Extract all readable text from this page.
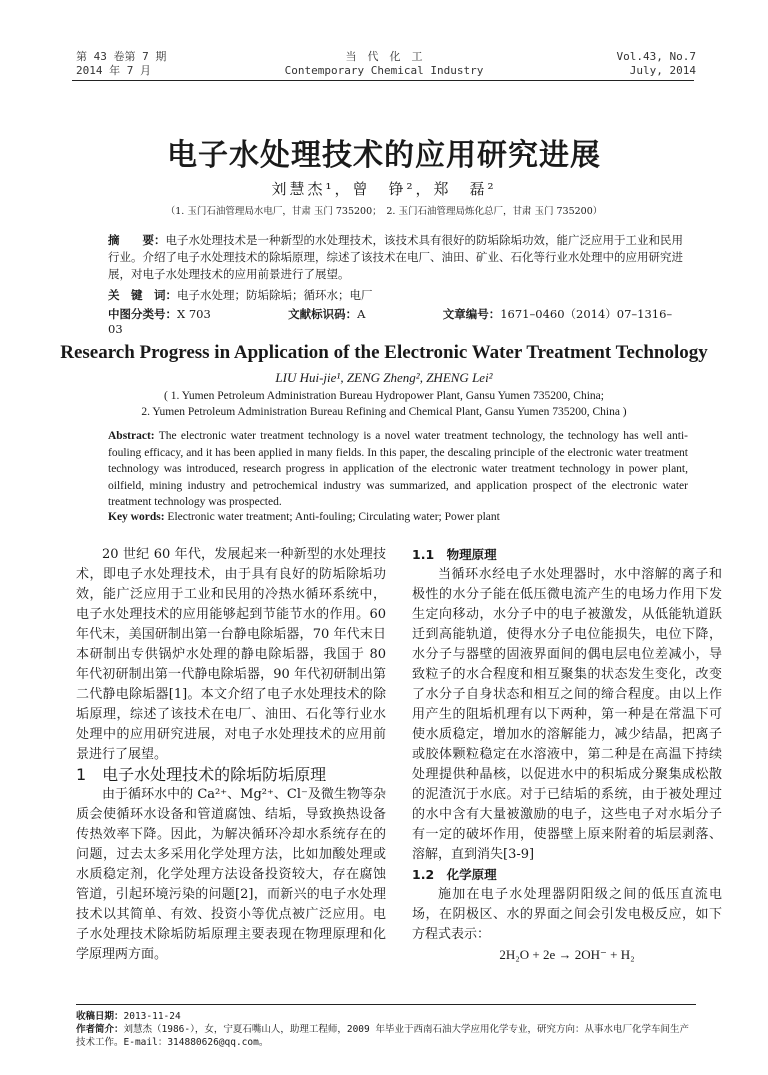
第 43 卷第 7 期
2014 年 7 月
当　代　化　工
Contemporary Chemical Industry
Vol.43, No.7
July, 2014
电子水处理技术的应用研究进展
刘慧杰¹，曾　铮²，郑　磊²
（1. 玉门石油管理局水电厂，甘肃 玉门 735200；　2. 玉门石油管理局炼化总厂，甘肃 玉门 735200）
摘　　要：电子水处理技术是一种新型的水处理技术，该技术具有很好的防垢除垢功效，能广泛应用于工业和民用行业。介绍了电子水处理技术的除垢原理，综述了该技术在电厂、油田、矿业、石化等行业水处理中的应用研究进展，对电子水处理技术的应用前景进行了展望。
关　键　词：电子水处理；防垢除垢；循环水；电厂
中图分类号：X 703	文献标识码：A	文章编号：1671–0460（2014）07–1316–03
Research Progress in Application of the Electronic Water Treatment Technology
LIU Hui-jie¹, ZENG Zheng², ZHENG Lei²
( 1. Yumen Petroleum Administration Bureau Hydropower Plant, Gansu Yumen 735200, China;
2. Yumen Petroleum Administration Bureau Refining and Chemical Plant, Gansu Yumen 735200, China )
Abstract: The electronic water treatment technology is a novel water treatment technology, the technology has well anti-fouling efficacy, and it has been applied in many fields. In this paper, the descaling principle of the electronic water treatment technology was introduced, research progress in application of the electronic water treatment technology in power plant, oilfield, mining industry and petrochemical industry was summarized, and application prospect of the electronic water treatment technology was prospected.
Key words: Electronic water treatment; Anti-fouling; Circulating water; Power plant

20 世纪 60 年代，发展起来一种新型的水处理技术，即电子水处理技术，由于具有良好的防垢除垢功效，能广泛应用于工业和民用的冷热水循环系统中，电子水处理技术的应用能够起到节能节水的作用。60 年代末，美国研制出第一台静电除垢器，70 年代末日本研制出专供锅炉水处理的静电除垢器，我国于 80 年代初研制出第一代静电除垢器，90 年代初研制出第二代静电除垢器[1]。本文介绍了电子水处理技术的除垢原理，综述了该技术在电厂、油田、石化等行业水处理中的应用研究进展，对电子水处理技术的应用前景进行了展望。

1　电子水处理技术的除垢防垢原理

由于循环水中的 Ca²⁺、Mg²⁺、Cl⁻及微生物等杂质会使循环水设备和管道腐蚀、结垢，导致换热设备传热效率下降。因此，为解决循环冷却水系统存在的问题，过去太多采用化学处理方法，比如加酸处理或水质稳定剂，化学处理方法设备投资较大，存在腐蚀管道，引起环境污染的问题[2]，而新兴的电子水处理技术以其简单、有效、投资小等优点被广泛应用。电子水处理技术除垢防垢原理主要表现在物理原理和化学原理两方面。

1.1　物理原理

当循环水经电子水处理器时，水中溶解的离子和极性的水分子能在低压微电流产生的电场力作用下发生定向移动，水分子中的电子被激发，从低能轨道跃迁到高能轨道，使得水分子电位能损失，电位下降，水分子与器壁的固液界面间的偶电层电位差减小，导致粒子的水合程度和相互聚集的状态发生变化，改变了水分子自身状态和相互之间的缔合程度。由以上作用产生的阻垢机理有以下两种，第一种是在常温下可使水质稳定，增加水的溶解能力，减少结晶，把离子或胶体颗粒稳定在水溶液中，第二种是在高温下持续处理提供种晶核，以促进水中的积垢成分聚集成松散的泥渣沉于水底。对于已结垢的系统，由于被处理过的水中含有大量被激励的电子，这些电子对水垢分子有一定的破坏作用，使器壁上原来附着的垢层剥落、溶解，直到消失[3-9]

1.2　化学原理

施加在电子水处理器阴阳级之间的低压直流电场，在阴极区、水的界面之间会引发电极反应，如下方程式表示：

2H₂O + 2e → 2OH⁻ + H₂

收稿日期：2013-11-24
作者简介：刘慧杰（1986-），女，宁夏石嘴山人，助理工程师，2009 年毕业于西南石油大学应用化学专业，研究方向：从事水电厂化学车间生产技术工作。E-mail：314880626@qq.com。
